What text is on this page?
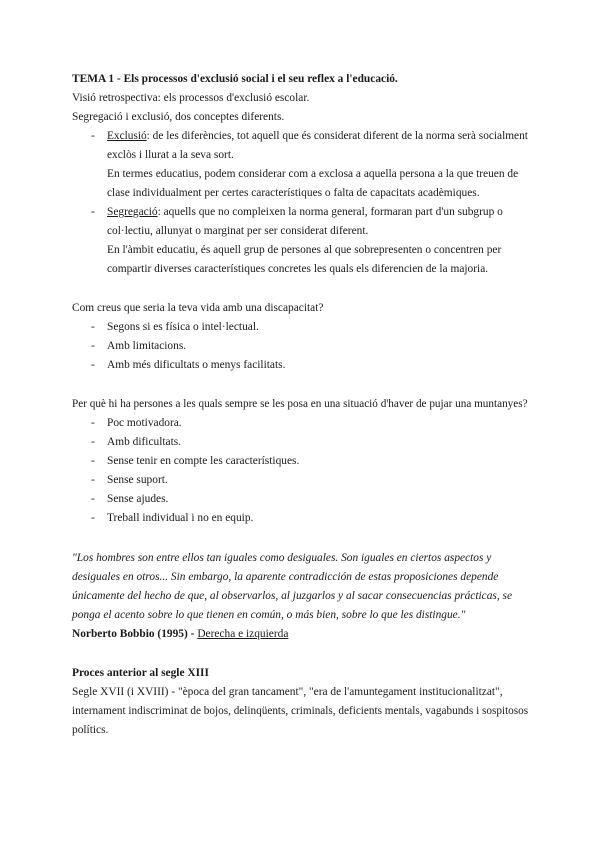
TEMA 1 - Els processos d'exclusió social i el seu reflex a l'educació.
Visió retrospectiva: els processos d'exclusió escolar.
Segregació i exclusió, dos conceptes diferents.
- Exclusió: de les diferències, tot aquell que és considerat diferent de la norma serà socialment
exclòs i llurat a la seva sort.
En termes educatius, podem considerar com a exclosa a aquella persona a la que treuen de
clase individualment per certes característiques o falta de capacitats acadèmiques.
- Segregació: aquells que no compleixen la norma general, formaran part d'un subgrup o
col·lectiu, allunyat o marginat per ser considerat diferent.
En l'àmbit educatiu, és aquell grup de persones al que sobrepresenten o concentren per
compartir diverses característiques concretes les quals els diferencien de la majoria.
Com creus que seria la teva vida amb una discapacitat?
- Segons si es física o intel·lectual.
- Amb limitacions.
- Amb més dificultats o menys facilitats.
Per què hi ha persones a les quals sempre se les posa en una situació d'haver de pujar una muntanyes?
- Poc motivadora.
- Amb dificultats.
- Sense tenir en compte les característiques.
- Sense suport.
- Sense ajudes.
- Treball individual i no en equip.
"Los hombres son entre ellos tan iguales como desiguales. Son iguales en ciertos aspectos y
desiguales en otros... Sin embargo, la aparente contradicción de estas proposiciones depende
únicamente del hecho de que, al observarlos, al juzgarlos y al sacar consecuencias prácticas, se
ponga el acento sobre lo que tienen en común, o más bien, sobre lo que les distingue."
Norberto Bobbio (1995) - Derecha e izquierda
Proces anterior al segle XIII
Segle XVII (i XVIII) - "època del gran tancament", "era de l'amuntegament institucionalitzat",
internament indiscriminat de bojos, delinqüents, criminals, deficients mentals, vagabunds i sospitosos
polítics.
